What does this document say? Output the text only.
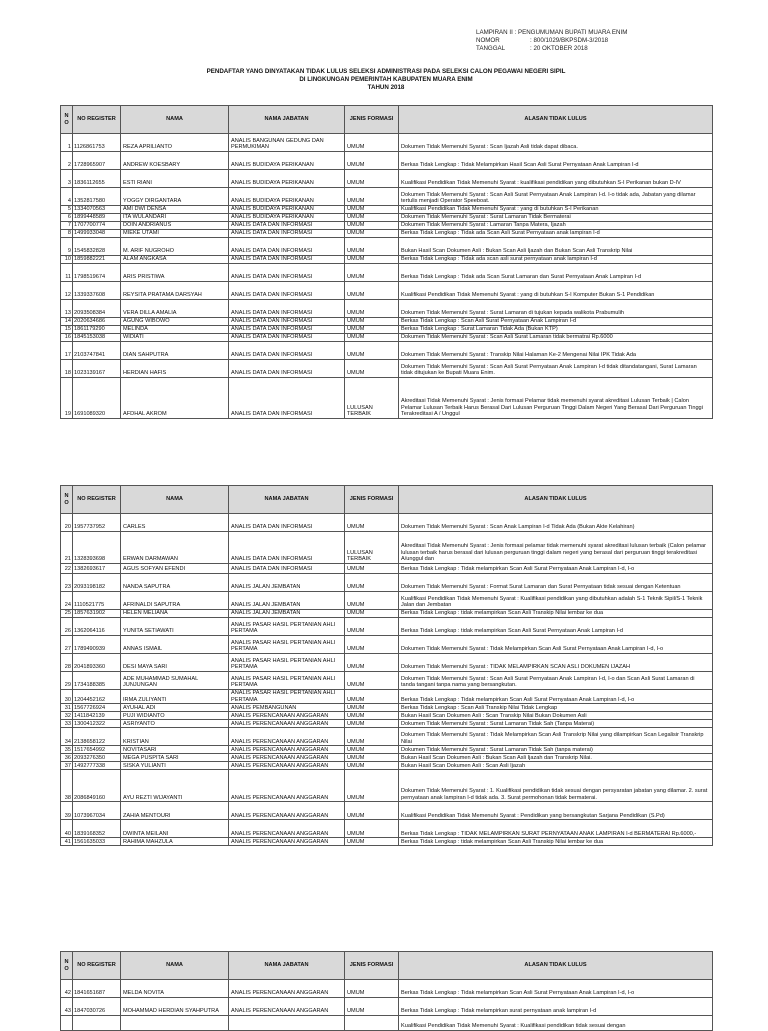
LAMPIRAN II : PENGUMUMAN BUPATI MUARA ENIM
NOMOR	: 800/1029/BKPSDM-3/2018
TANGGAL	: 20 OKTOBER 2018
PENDAFTAR YANG DINYATAKAN TIDAK LULUS SELEKSI ADMINISTRASI PADA SELEKSI CALON PEGAWAI NEGERI SIPIL
DI LINGKUNGAN PEMERINTAH KABUPATEN MUARA ENIM
TAHUN 2018
NO	NO REGISTER	NAMA	NAMA JABATAN	JENIS FORMASI	ALASAN TIDAK LULUS
1	1126861753	REZA APRILIANTO	ANALIS BANGUNAN GEDUNG DAN PERMUKIMAN	UMUM	Dokumen Tidak Memenuhi Syarat : Scan Ijazah Asli tidak dapat dibaca.
2	1728965907	ANDREW KOESBARY	ANALIS BUDIDAYA PERIKANAN	UMUM	Berkas Tidak Lengkap : Tidak Melampirkan Hasil Scan Asli Surat Pernyataan Anak Lampiran I-d
3	1836112655	ESTI RIANI	ANALIS BUDIDAYA PERIKANAN	UMUM	Kualifikasi Pendidikan Tidak Memenuhi Syarat : kualifikasi pendidikan yang dibutuhkan S-I Perikanan bukan D-IV
4	1352817580	YOGGY DIRGANTARA	ANALIS BUDIDAYA PERIKANAN	UMUM	Dokumen Tidak Memenuhi Syarat : Scan Asli Surat Pernyataan Anak Lampiran I-d. I-o tidak ada, Jabatan yang dilamar tertulis menjadi Operator Speeboat.
5	1334070563	AMI DWI DENSA	ANALIS BUDIDAYA PERIKANAN	UMUM	Kualifikasi Pendidikan Tidak Memenuhi Syarat : yang di butuhkan S-I Perikanan
6	1899448589	ITA WULANDARI	ANALIS BUDIDAYA PERIKANAN	UMUM	Dokumen Tidak Memenuhi Syarat : Surat Lamaran Tidak Bermaterai
7	1707700774	DOIN ANDRIANUS	ANALIS DATA DAN INFORMASI	UMUM	Dokumen Tidak Memenuhi Syarat : Lamaran Tanpa Matera, Ijazah
8	1499933048	MIEKE UTAMI	ANALIS DATA DAN INFORMASI	UMUM	Berkas Tidak Lengkap : Tidak ada Scan Asli Surat Pernyataan anak lampiran I-d
9	1545832828	M. ARIF NUGROHO	ANALIS DATA DAN INFORMASI	UMUM	Bukan Hasil Scan Dokumen Asli : Bukan Scan Asli Ijazah dan Bukan Scan Asli Transkrip Nilai
10	1859882221	ALAM ANGKASA	ANALIS DATA DAN INFORMASI	UMUM	Berkas Tidak Lengkap : Tidak ada scan asli surat pernyataan anak lampiran I-d
11	1798519674	ARIS PRISTIWA	ANALIS DATA DAN INFORMASI	UMUM	Berkas Tidak Lengkap : Tidak ada Scan Surat Lamaran dan Surat Pernyataan Anak Lampiran I-d
12	1339337608	REYSITA PRATAMA DARSYAH	ANALIS DATA DAN INFORMASI	UMUM	Kualifikasi Pendidikan Tidak Memenuhi Syarat : yang di butuhkan S-I Komputer Bukan S-1 Pendidikan
13	2093508384	VERA DILLA AMALIA	ANALIS DATA DAN INFORMASI	UMUM	Dokumen Tidak Memenuhi Syarat : Surat Lamaran di tujukan kepada walikota Prabumulih
14	2020634686	AGUNG WIBOWO	ANALIS DATA DAN INFORMASI	UMUM	Berkas Tidak Lengkap : Scan Asli Surat Pernyataan Anak Lampiran I-d
15	1861179290	MELINDA	ANALIS DATA DAN INFORMASI	UMUM	Berkas Tidak Lengkap : Surat Lamaran Tidak Ada (Bukan KTP)
16	1845153038	WIDIATI	ANALIS DATA DAN INFORMASI	UMUM	Dokumen Tidak Memenuhi Syarat : Scan Asli Surat Lamaran tidak bermatrai Rp.6000
17	2103747841	DIAN SAHPUTRA	ANALIS DATA DAN INFORMASI	UMUM	Dokumen Tidak Memenuhi Syarat : Transkip Nilai Halaman Ke-2 Mengenai Nilai IPK Tidak Ada
18	1023139167	HERDIAN HAFIS	ANALIS DATA DAN INFORMASI	UMUM	Dokumen Tidak Memenuhi Syarat : Scan Asli Surat Pernyataan Anak Lampiran I-d tidak ditandatangani, Surat Lamaran tidak ditujukan ke Bupati Muara Enim.
19	1691089320	AFDHAL AKROM	ANALIS DATA DAN INFORMASI	LULUSAN TERBAIK	Akreditasi Tidak Memenuhi Syarat : Jenis formasi Pelamar tidak memenuhi syarat akreditasi Lulusan Terbaik | Calon Pelamar Lulusan Terbaik Harus Berasal Dari Lulusan Perguruan Tinggi Dalam Negeri Yang Berasal Dari Perguruan Tinggi Terakreditasi A / Unggul
NO	NO REGISTER	NAMA	NAMA JABATAN	JENIS FORMASI	ALASAN TIDAK LULUS
20	1957737952	CARLES	ANALIS DATA DAN INFORMASI	UMUM	Dokumen Tidak Memenuhi Syarat : Scan Anak Lampiran I-d Tidak Ada (Bukan Akte Kelahiran)
21	1328393698	ERWAN DARMAWAN	ANALIS DATA DAN INFORMASI	LULUSAN TERBAIK	Akreditasi Tidak Memenuhi Syarat : Jenis formasi pelamar tidak memenuhi syarat akreditasi lulusan terbaik (Calon pelamar lulusan terbaik harus berasal dari lulusan perguruan tinggi dalam negeri yang berasal dari perguruan tinggi terakreditasi A/unggul dan
22	1382693617	AGUS SOFYAN EFENDI	ANALIS DATA DAN INFORMASI	UMUM	Berkas Tidak Lengkap : Tidak melampirkan Scan Asli Surat Pernyataan Anak Lampiran I-d, I-o
23	2093198182	NANDA SAPUTRA	ANALIS JALAN JEMBATAN	UMUM	Dokumen Tidak Memenuhi Syarat : Format Surat Lamaran dan Surat Pernyataan tidak sesuai dengan Ketentuan
24	1110521775	AFRINALDI SAPUTRA	ANALIS JALAN JEMBATAN	UMUM	Kualifikasi Pendidikan Tidak Memenuhi Syarat : Kualifikasi pendidikan yang dibutuhkan adalah S-1 Teknik Sipil/S-1 Teknik Jalan dan Jembatan
25	1857631902	HELEN MELIANA	ANALIS JALAN JEMBATAN	UMUM	Berkas Tidak Lengkap : tidak melampirkan Scan Asli Transkip Nilai lembar ke dua
26	1362064116	YUNITA SETIAWATI	ANALIS PASAR HASIL PERTANIAN AHLI PERTAMA	UMUM	Berkas Tidak Lengkap : tidak melampirkan Scan Asli Surat Pernyataan Anak Lampiran I-d
27	1789490939	ANNAS ISMAIL	ANALIS PASAR HASIL PERTANIAN AHLI PERTAMA	UMUM	Dokumen Tidak Memenuhi Syarat : Tidak Melampirkan Scan Asli Surat Pernyataan Anak Lampiran I-d, I-o
28	2041893360	DESI MAYA SARI	ANALIS PASAR HASIL PERTANIAN AHLI PERTAMA	UMUM	Dokumen Tidak Memenuhi Syarat : TIDAK MELAMPIRKAN SCAN ASLI DOKUMEN IJAZAH
29	1734188385	ADE MUHAMMAD SUMAHAL JUNJUNGAN	ANALIS PASAR HASIL PERTANIAN AHLI PERTAMA	UMUM	Dokumen Tidak Memenuhi Syarat : Scan Asli Surat Pernyataan Anak Lampiran I-d, I-o dan Scan Asli Surat Lamaran di tanda tangani tanpa nama yang bersangkutan.
30	1204452162	IRMA ZULIYANTI	ANALIS PASAR HASIL PERTANIAN AHLI PERTAMA	UMUM	Berkas Tidak Lengkap : Tidak melampirkan Scan Asli Surat Pernyataan Anak Lampiran I-d, I-o
31	1567726924	AYUHAL ADI	ANALIS PEMBANGUNAN	UMUM	Berkas Tidak Lengkap : Scan Asli Transkip Nilai Tidak Lengkap
32	1411842139	PUJI WIDIANTO	ANALIS PERENCANAAN ANGGARAN	UMUM	Bukan Hasil Scan Dokumen Asli : Scan Transkip Nilai Bukan Dokumen Asli
33	1300412322	ASRIYANTO	ANALIS PERENCANAAN ANGGARAN	UMUM	Dokumen Tidak Memenuhi Syarat : Surat Lamaran Tidak Sah (Tanpa Materai)
34	2138658122	KRISTIAN	ANALIS PERENCANAAN ANGGARAN	UMUM	Dokumen Tidak Memenuhi Syarat : Tidak Melampirkan Scan Asli Transkrip Nilai yang dilampirkan Scan Legalisir Transkrip Nilai
35	1517654992	NOVITASARI	ANALIS PERENCANAAN ANGGARAN	UMUM	Dokumen Tidak Memenuhi Syarat : Surat Lamaran Tidak Sah (tanpa materai)
36	2093276350	MEGA PUSPITA SARI	ANALIS PERENCANAAN ANGGARAN	UMUM	Bukan Hasil Scan Dokumen Asli : Bukan Scan Asli Ijazah dan Transkrip Nilai.
37	1492777338	SISKA YULIANTI	ANALIS PERENCANAAN ANGGARAN	UMUM	Bukan Hasil Scan Dokumen Asli : Scan Asli Ijazah
38	2086849160	AYU REZTI WIJAYANTI	ANALIS PERENCANAAN ANGGARAN	UMUM	Dokumen Tidak Memenuhi Syarat : 1. Kualifikasi pendidikan tidak sesuai dengan persyaratan jabatan yang dilamar. 2. surat pernyataan anak lampiran I-d tidak ada. 3. Surat permohonan tidak bermaterai.
39	1073967034	ZAHIA MENTOURI	ANALIS PERENCANAAN ANGGARAN	UMUM	Kualifikasi Pendidikan Tidak Memenuhi Syarat : Pendidikan yang bersangkutan Sarjana Pendidikan (S.Pd)
40	1839168352	DWINTA MEILANI	ANALIS PERENCANAAN ANGGARAN	UMUM	Berkas Tidak Lengkap : TIDAK MELAMPIRKAN SURAT PERNYATAAN ANAK LAMPIRAN I-d BERMATERAI Rp.6000,-
41	1561635033	RAHIMA MAHZULA	ANALIS PERENCANAAN ANGGARAN	UMUM	Berkas Tidak Lengkap : tidak melampirkan Scan Asli Transkip Nilai lembar ke dua
NO	NO REGISTER	NAMA	NAMA JABATAN	JENIS FORMASI	ALASAN TIDAK LULUS
42	1841651687	MELDA NOVITA	ANALIS PERENCANAAN ANGGARAN	UMUM	Berkas Tidak Lengkap : Tidak melampirkan Scan Asli Surat Pernyataan Anak Lampiran I-d, I-o
43	1847030726	MOHAMMAD HERDIAN SYAHPUTRA	ANALIS PERENCANAAN ANGGARAN	UMUM	Berkas Tidak Lengkap : Tidak melampirkan surat pernyataan anak lampiran I-d
					Kualifikasi Pendidikan Tidak Memenuhi Syarat : Kualifikasi pendidikan tidak sesuai dengan
